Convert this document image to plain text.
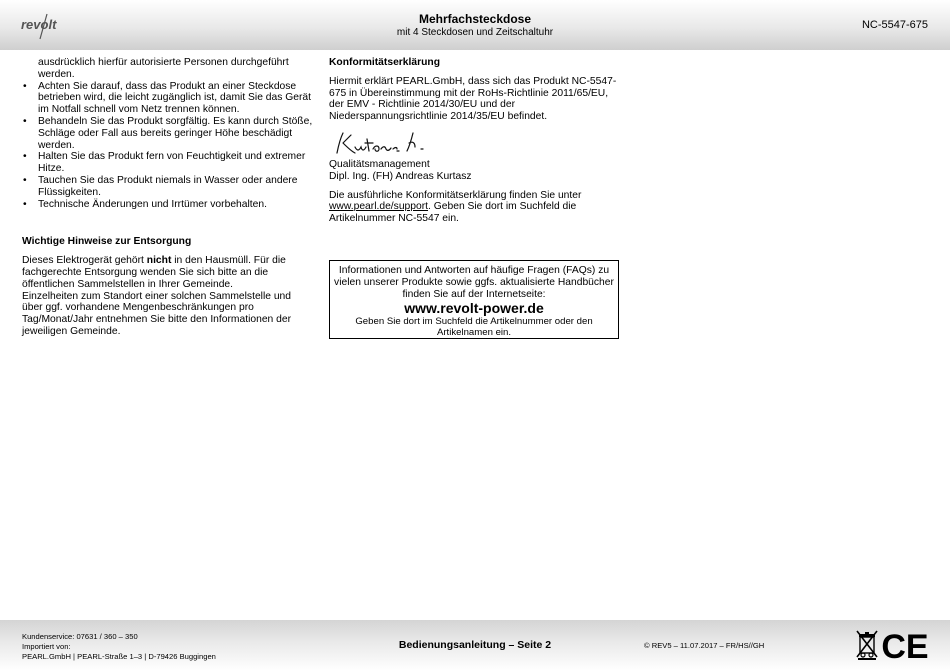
revolt	Mehrfachsteckdose
mit 4 Steckdosen und Zeitschaltuhr
NC-5547-675
ausdrücklich hierfür autorisierte Personen durchgeführt werden.
• Achten Sie darauf, dass das Produkt an einer Steckdose betrieben wird, die leicht zugänglich ist, damit Sie das Gerät im Notfall schnell vom Netz trennen können.
• Behandeln Sie das Produkt sorgfältig. Es kann durch Stöße, Schläge oder Fall aus bereits geringer Höhe beschädigt werden.
• Halten Sie das Produkt fern von Feuchtigkeit und extremer Hitze.
• Tauchen Sie das Produkt niemals in Wasser oder andere Flüssigkeiten.
• Technische Änderungen und Irrtümer vorbehalten.
Wichtige Hinweise zur Entsorgung
Dieses Elektrogerät gehört nicht in den Hausmüll. Für die fachgerechte Entsorgung wenden Sie sich bitte an die öffentlichen Sammelstellen in Ihrer Gemeinde.
Einzelheiten zum Standort einer solchen Sammelstelle und über ggf. vorhandene Mengenbeschränkungen pro Tag/Monat/Jahr entnehmen Sie bitte den Informationen der jeweiligen Gemeinde.
Konformitätserklärung
Hiermit erklärt PEARL.GmbH, dass sich das Produkt NC-5547-675 in Übereinstimmung mit der RoHs-Richtlinie 2011/65/EU, der EMV - Richtlinie 2014/30/EU und der Niederspannungsrichtlinie 2014/35/EU befindet.
Qualitätsmanagement
Dipl. Ing. (FH) Andreas Kurtasz
Die ausführliche Konformitätserklärung finden Sie unter www.pearl.de/support. Geben Sie dort im Suchfeld die Artikelnummer NC-5547 ein.
Informationen und Antworten auf häufige Fragen (FAQs) zu vielen unserer Produkte sowie ggfs. aktualisierte Handbücher finden Sie auf der Internetseite:
www.revolt-power.de
Geben Sie dort im Suchfeld die Artikelnummer oder den Artikelnamen ein.
Kundenservice: 07631 / 360 – 350
Importiert von:
PEARL.GmbH | PEARL-Straße 1–3 | D-79426 Buggingen
Bedienungsanleitung – Seite 2	© REV5 – 11.07.2017 – FR/HS//GH	CE
